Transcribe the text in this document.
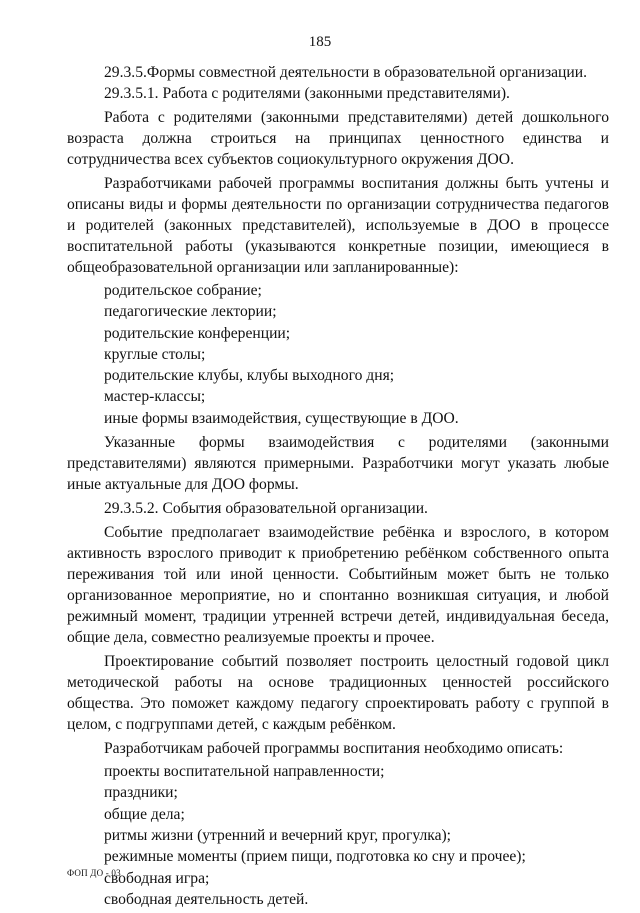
185

29.3.5.Формы совместной деятельности в образовательной организации.

29.3.5.1. Работа с родителями (законными представителями).

Работа с родителями (законными представителями) детей дошкольного возраста должна строиться на принципах ценностного единства и сотрудничества всех субъектов социокультурного окружения ДОО.

Разработчиками рабочей программы воспитания должны быть учтены и описаны виды и формы деятельности по организации сотрудничества педагогов и родителей (законных представителей), используемые в ДОО в процессе воспитательной работы (указываются конкретные позиции, имеющиеся в общеобразовательной организации или запланированные):

родительское собрание;
педагогические лектории;
родительские конференции;
круглые столы;
родительские клубы, клубы выходного дня;
мастер-классы;
иные формы взаимодействия, существующие в ДОО.

Указанные формы взаимодействия с родителями (законными представителями) являются примерными. Разработчики могут указать любые иные актуальные для ДОО формы.

29.3.5.2. События образовательной организации.

Событие предполагает взаимодействие ребёнка и взрослого, в котором активность взрослого приводит к приобретению ребёнком собственного опыта переживания той или иной ценности. Событийным может быть не только организованное мероприятие, но и спонтанно возникшая ситуация, и любой режимный момент, традиции утренней встречи детей, индивидуальная беседа, общие дела, совместно реализуемые проекты и прочее.

Проектирование событий позволяет построить целостный годовой цикл методической работы на основе традиционных ценностей российского общества. Это поможет каждому педагогу спроектировать работу с группой в целом, с подгруппами детей, с каждым ребёнком.

Разработчикам рабочей программы воспитания необходимо описать:

проекты воспитательной направленности;
праздники;
общие дела;
ритмы жизни (утренний и вечерний круг, прогулка);
режимные моменты (прием пищи, подготовка ко сну и прочее);
свободная игра;
свободная деятельность детей.
ФОП ДО - 03
